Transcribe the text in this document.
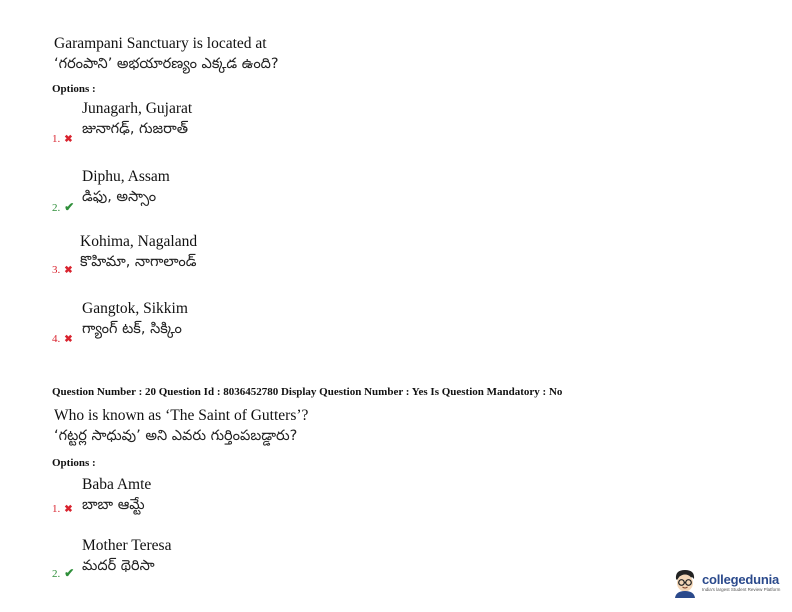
Garampani Sanctuary is located at
‘గరంపాని’ అభయారణ్యం ఎక్కడ ఉంది?
Options :
Junagarh, Gujarat
జునాగఢ్, గుజరాత్
1. ✖
Diphu, Assam
డిఫు, అస్సాం
2. ✔
Kohima, Nagaland
కొహిమా, నాగాలాండ్
3. ✖
Gangtok, Sikkim
గ్యాంగ్ టక్, సిక్కిం
4. ✖
Question Number : 20 Question Id : 8036452780 Display Question Number : Yes Is Question Mandatory : No
Who is known as ‘The Saint of Gutters’?
‘గట్టర్ల సాధువు’ అని ఎవరు గుర్తింపబడ్డారు?
Options :
Baba Amte
బాబా ఆమ్టే
1. ✖
Mother Teresa
మదర్ థెరిసా
2. ✔	collegedunia
India's largest Student Review Platform
